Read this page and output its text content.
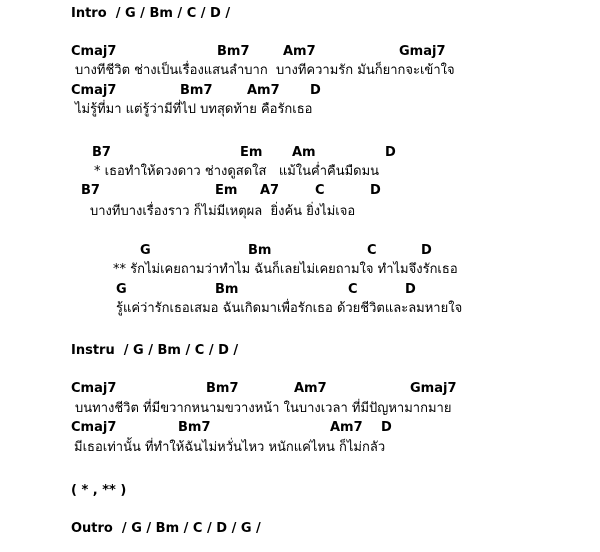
Intro  / G / Bm / C / D /
Cmaj7	Bm7	Am7	Gmaj7
บางทีชีวิต ช่างเป็นเรื่องแสนลำบาก  บางทีความรัก มันก็ยากจะเข้าใจ
Cmaj7	Bm7	Am7 D
ไม่รู้ที่มา แต่รู้ว่ามีที่ไป บทสุดท้าย คือรักเธอ
B7	Em Am	D
* เธอทำให้ดวงดาว ช่างดูสดใส   แม้ในค่ำคืนมืดมน
B7	Em A7	C	D
บางทีบางเรื่องราว ก็ไม่มีเหตุผล  ยิ่งค้น ยิ่งไม่เจอ
G	Bm	C	D
** รักไม่เคยถามว่าทำไม ฉันก็เลยไม่เคยถามใจ ทำไมจึงรักเธอ
G	Bm	C	D
รู้แค่ว่ารักเธอเสมอ ฉันเกิดมาเพื่อรักเธอ ด้วยชีวิตและลมหายใจ
Instru  / G / Bm / C / D /
Cmaj7	Bm7	Am7	Gmaj7
บนทางชีวิต ที่มีขวากหนามขวางหน้า ในบางเวลา ที่มีปัญหามากมาย
Cmaj7	Bm7	Am7 D
มีเธอเท่านั้น ที่ทำให้ฉันไม่หวั่นไหว หนักแค่ไหน ก็ไม่กลัว
( * , ** )
Outro  / G / Bm / C / D / G /
